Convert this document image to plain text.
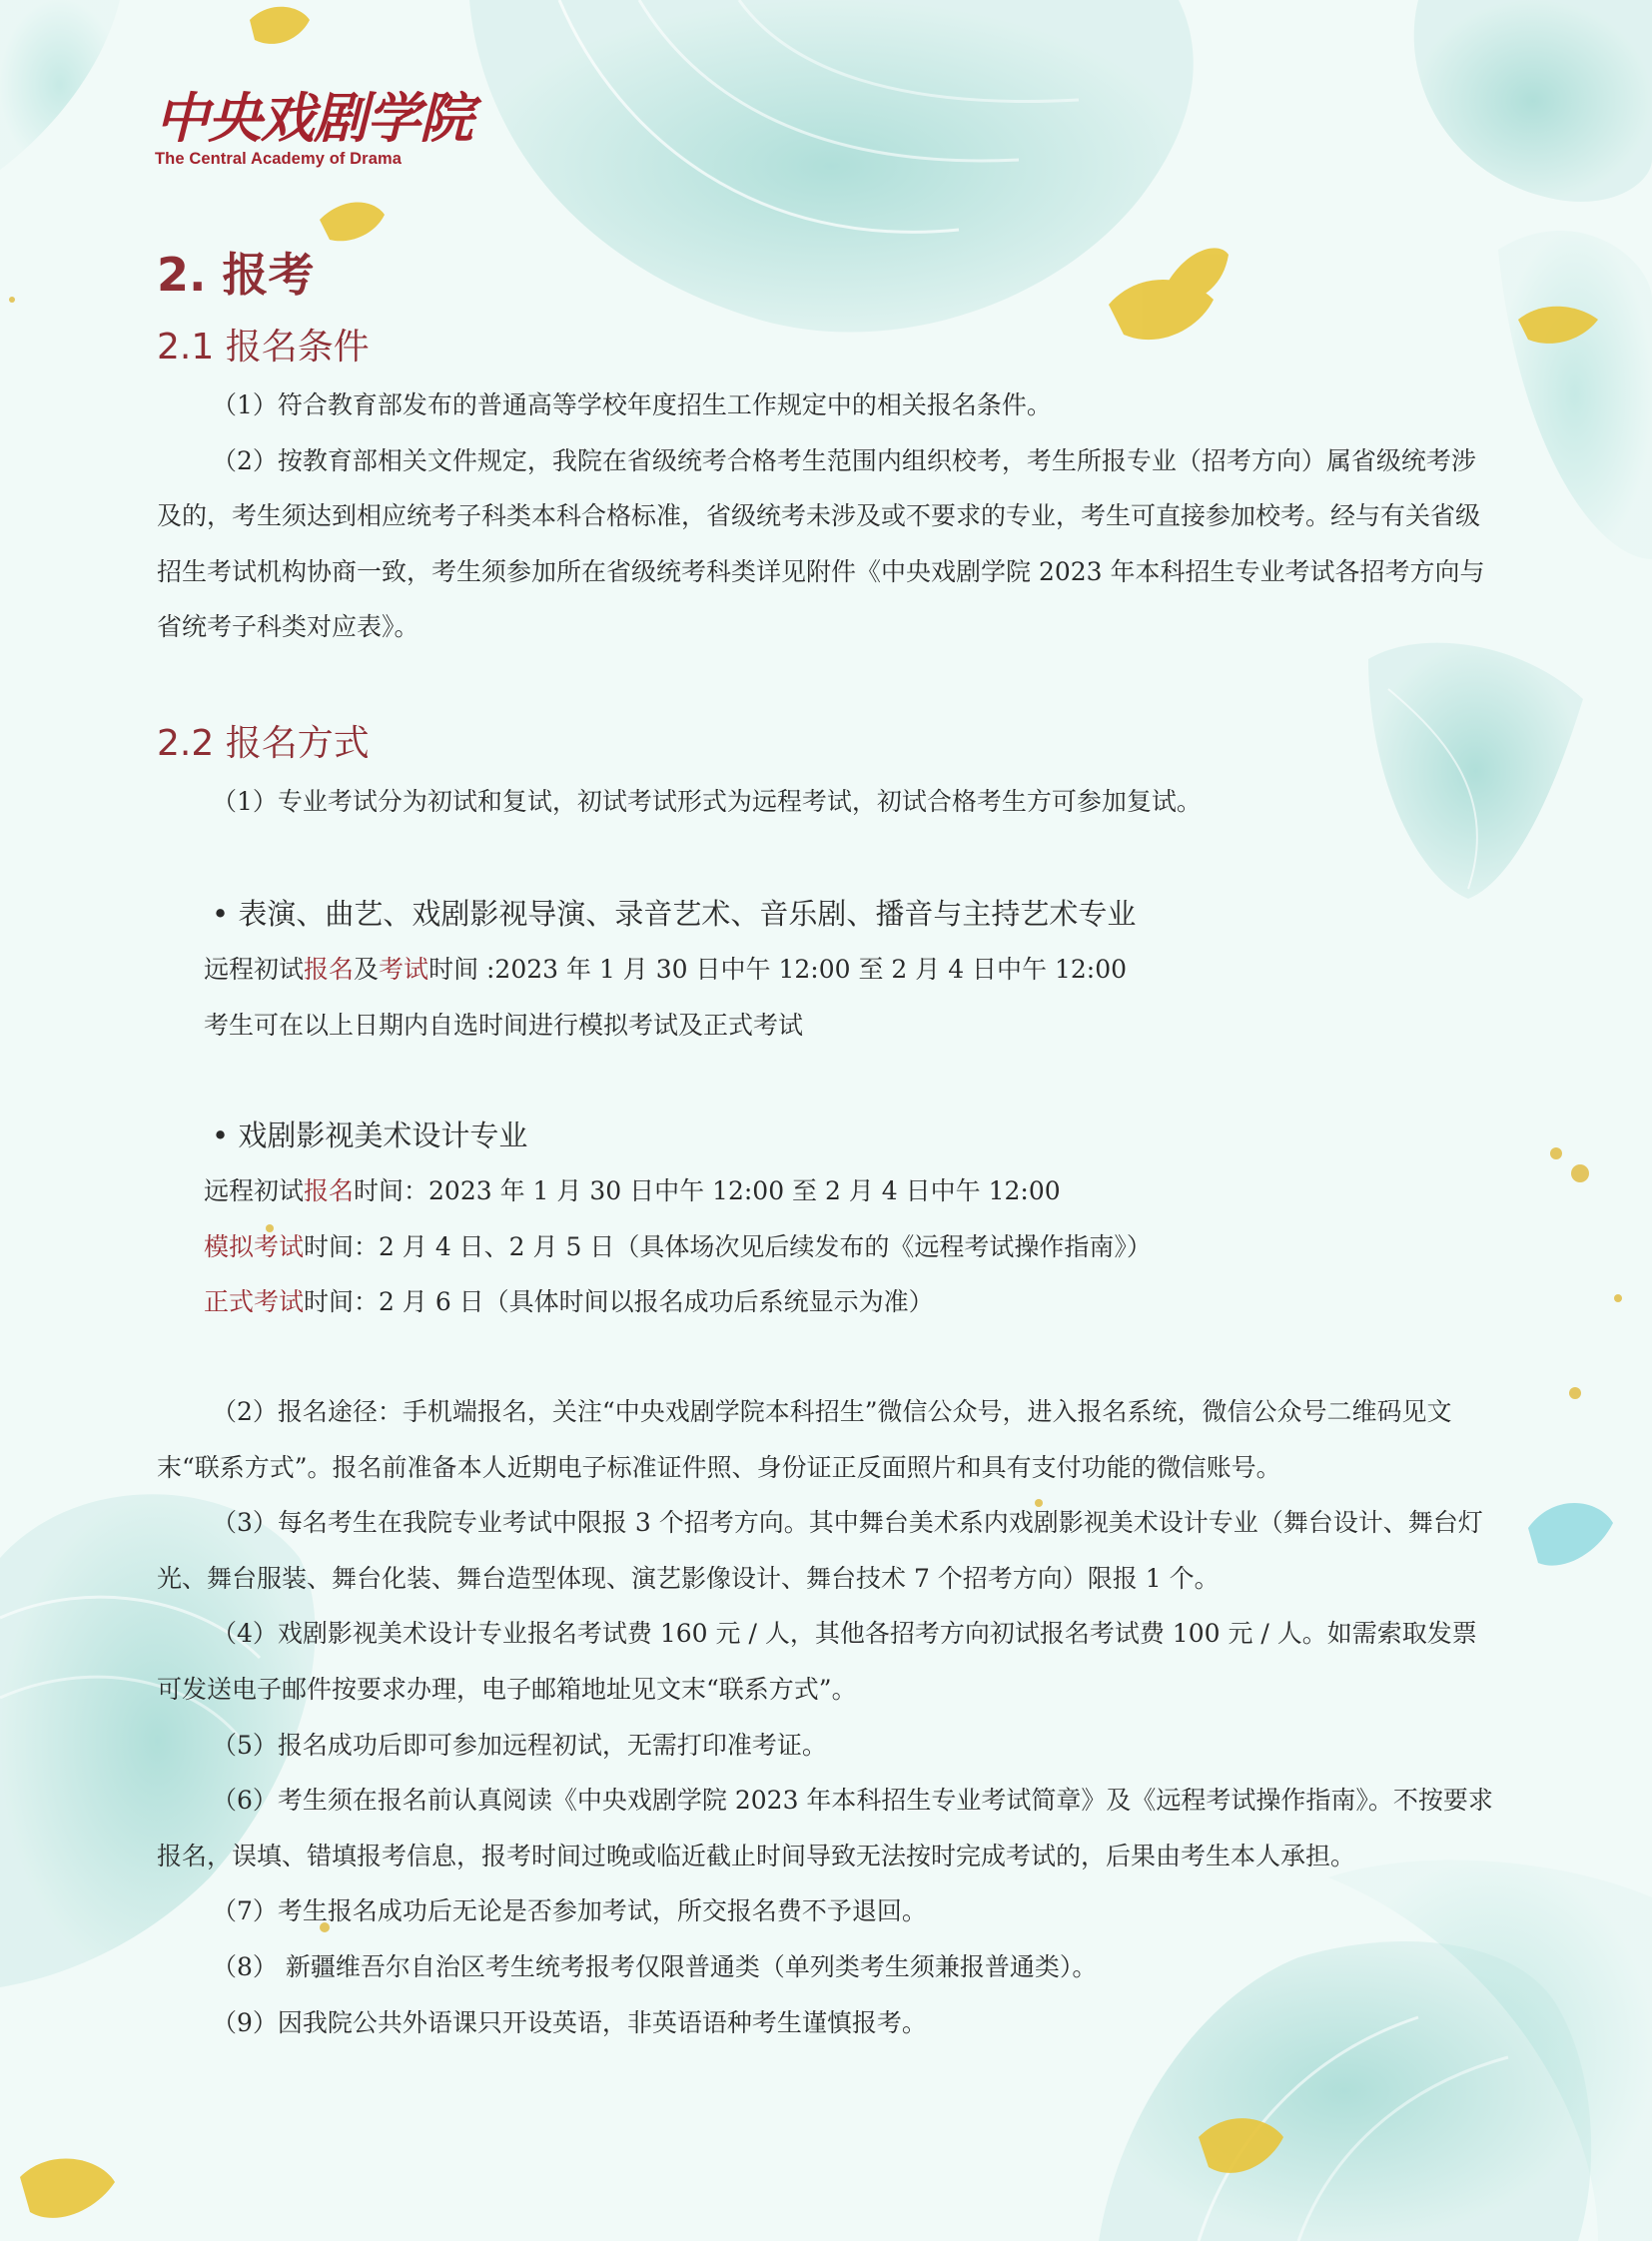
中央戏剧学院
The Central Academy of Drama
2. 报考
2.1 报名条件

（1）符合教育部发布的普通高等学校年度招生工作规定中的相关报名条件。

（2）按教育部相关文件规定，我院在省级统考合格考生范围内组织校考，考生所报专业（招考方向）属省级统考涉及的，考生须达到相应统考子科类本科合格标准，省级统考未涉及或不要求的专业，考生可直接参加校考。经与有关省级招生考试机构协商一致，考生须参加所在省级统考科类详见附件《中央戏剧学院 2023 年本科招生专业考试各招考方向与省统考子科类对应表》。

2.2 报名方式

（1）专业考试分为初试和复试，初试考试形式为远程考试，初试合格考生方可参加复试。

• 表演、曲艺、戏剧影视导演、录音艺术、音乐剧、播音与主持艺术专业

远程初试报名及考试时间 :2023 年 1 月 30 日中午 12:00 至 2 月 4 日中午 12:00

考生可在以上日期内自选时间进行模拟考试及正式考试

• 戏剧影视美术设计专业

远程初试报名时间：2023 年 1 月 30 日中午 12:00 至 2 月 4 日中午 12:00

模拟考试时间：2 月 4 日、2 月 5 日（具体场次见后续发布的《远程考试操作指南》）

正式考试时间：2 月 6 日（具体时间以报名成功后系统显示为准）

（2）报名途径：手机端报名，关注“中央戏剧学院本科招生”微信公众号，进入报名系统，微信公众号二维码见文末“联系方式”。报名前准备本人近期电子标准证件照、身份证正反面照片和具有支付功能的微信账号。

（3）每名考生在我院专业考试中限报 3 个招考方向。其中舞台美术系内戏剧影视美术设计专业（舞台设计、舞台灯光、舞台服装、舞台化装、舞台造型体现、演艺影像设计、舞台技术 7 个招考方向）限报 1 个。

（4）戏剧影视美术设计专业报名考试费 160 元 / 人，其他各招考方向初试报名考试费 100 元 / 人。如需索取发票可发送电子邮件按要求办理，电子邮箱地址见文末“联系方式”。

（5）报名成功后即可参加远程初试，无需打印准考证。

（6）考生须在报名前认真阅读《中央戏剧学院 2023 年本科招生专业考试简章》及《远程考试操作指南》。不按要求报名，误填、错填报考信息，报考时间过晚或临近截止时间导致无法按时完成考试的，后果由考生本人承担。

（7）考生报名成功后无论是否参加考试，所交报名费不予退回。

（8） 新疆维吾尔自治区考生统考报考仅限普通类（单列类考生须兼报普通类）。

（9）因我院公共外语课只开设英语，非英语语种考生谨慎报考。
